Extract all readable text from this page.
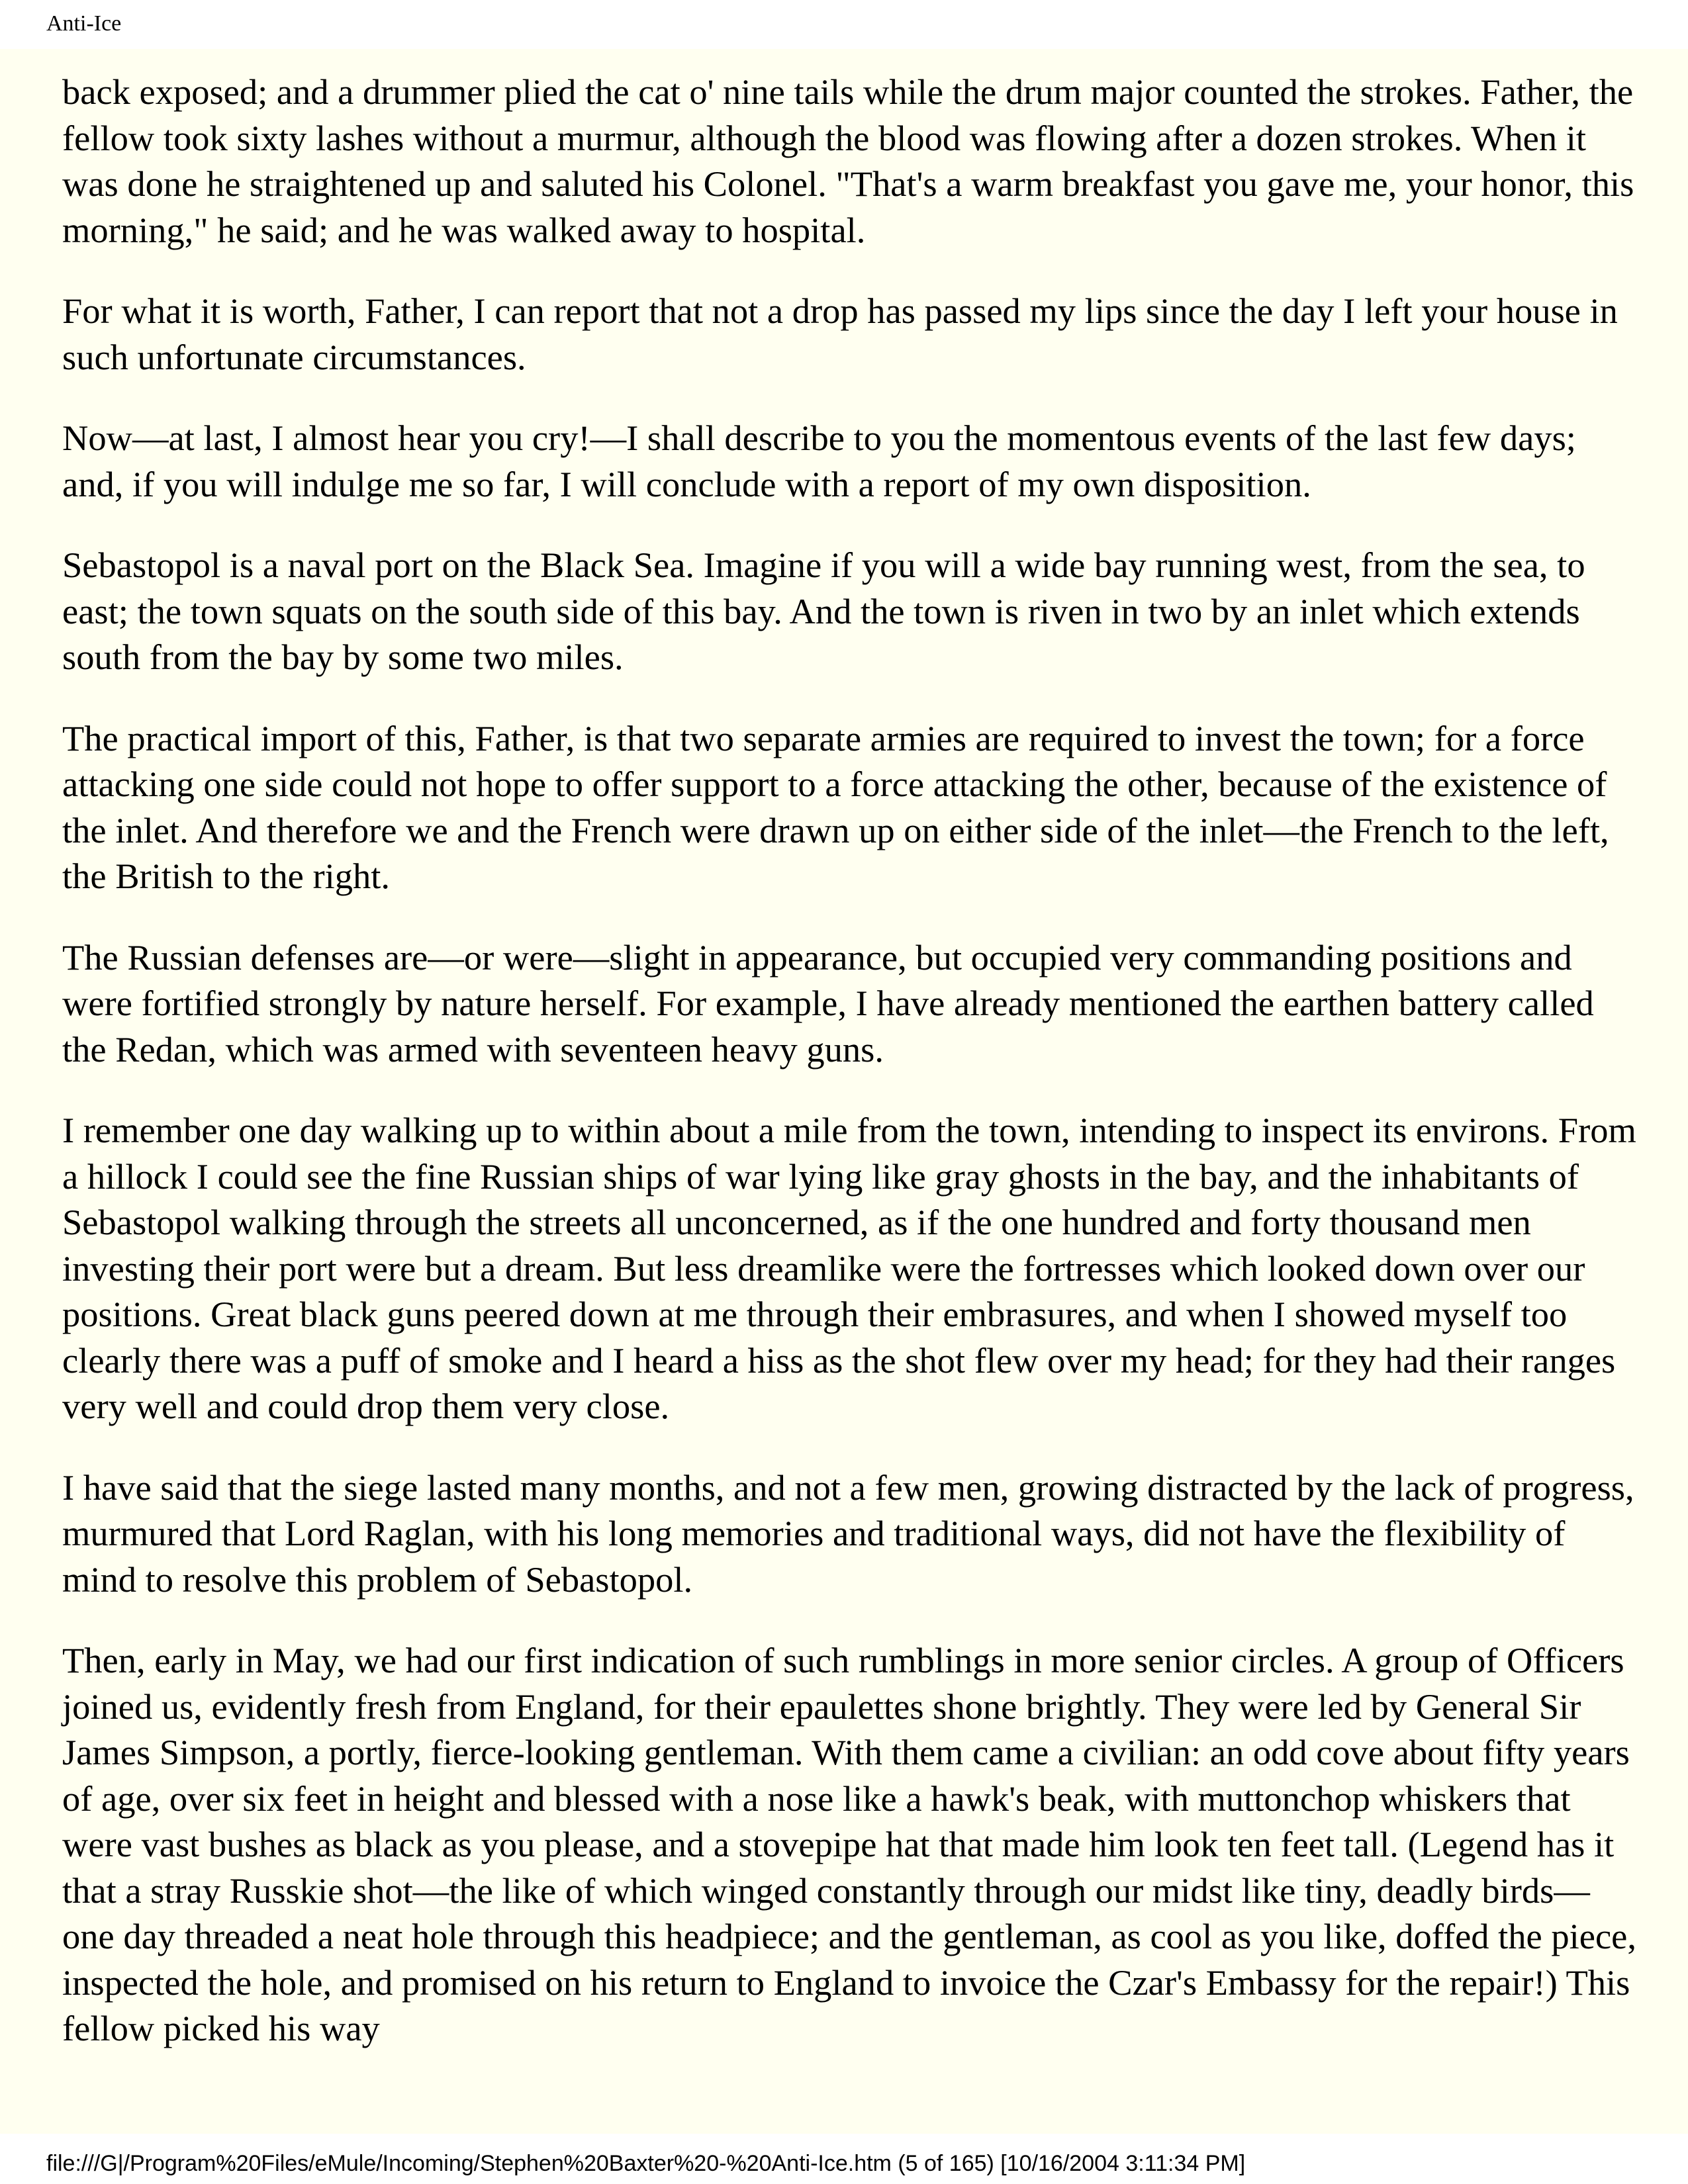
Anti-Ice

back exposed; and a drummer plied the cat o' nine tails while the drum major counted the strokes. Father, the fellow took sixty lashes without a murmur, although the blood was flowing after a dozen strokes. When it was done he straightened up and saluted his Colonel. "That's a warm breakfast you gave me, your honor, this morning," he said; and he was walked away to hospital.

For what it is worth, Father, I can report that not a drop has passed my lips since the day I left your house in such unfortunate circumstances.

Now—at last, I almost hear you cry!—I shall describe to you the momentous events of the last few days; and, if you will indulge me so far, I will conclude with a report of my own disposition.

Sebastopol is a naval port on the Black Sea. Imagine if you will a wide bay running west, from the sea, to east; the town squats on the south side of this bay. And the town is riven in two by an inlet which extends south from the bay by some two miles.

The practical import of this, Father, is that two separate armies are required to invest the town; for a force attacking one side could not hope to offer support to a force attacking the other, because of the existence of the inlet. And therefore we and the French were drawn up on either side of the inlet—the French to the left, the British to the right.

The Russian defenses are—or were—slight in appearance, but occupied very commanding positions and were fortified strongly by nature herself. For example, I have already mentioned the earthen battery called the Redan, which was armed with seventeen heavy guns.

I remember one day walking up to within about a mile from the town, intending to inspect its environs. From a hillock I could see the fine Russian ships of war lying like gray ghosts in the bay, and the inhabitants of Sebastopol walking through the streets all unconcerned, as if the one hundred and forty thousand men investing their port were but a dream. But less dreamlike were the fortresses which looked down over our positions. Great black guns peered down at me through their embrasures, and when I showed myself too clearly there was a puff of smoke and I heard a hiss as the shot flew over my head; for they had their ranges very well and could drop them very close.

I have said that the siege lasted many months, and not a few men, growing distracted by the lack of progress, murmured that Lord Raglan, with his long memories and traditional ways, did not have the flexibility of mind to resolve this problem of Sebastopol.

Then, early in May, we had our first indication of such rumblings in more senior circles. A group of Officers joined us, evidently fresh from England, for their epaulettes shone brightly. They were led by General Sir James Simpson, a portly, fierce-looking gentleman. With them came a civilian: an odd cove about fifty years of age, over six feet in height and blessed with a nose like a hawk's beak, with muttonchop whiskers that were vast bushes as black as you please, and a stovepipe hat that made him look ten feet tall. (Legend has it that a stray Russkie shot—the like of which winged constantly through our midst like tiny, deadly birds—one day threaded a neat hole through this headpiece; and the gentleman, as cool as you like, doffed the piece, inspected the hole, and promised on his return to England to invoice the Czar's Embassy for the repair!) This fellow picked his way

file:///G|/Program%20Files/eMule/Incoming/Stephen%20Baxter%20-%20Anti-Ice.htm (5 of 165) [10/16/2004 3:11:34 PM]
